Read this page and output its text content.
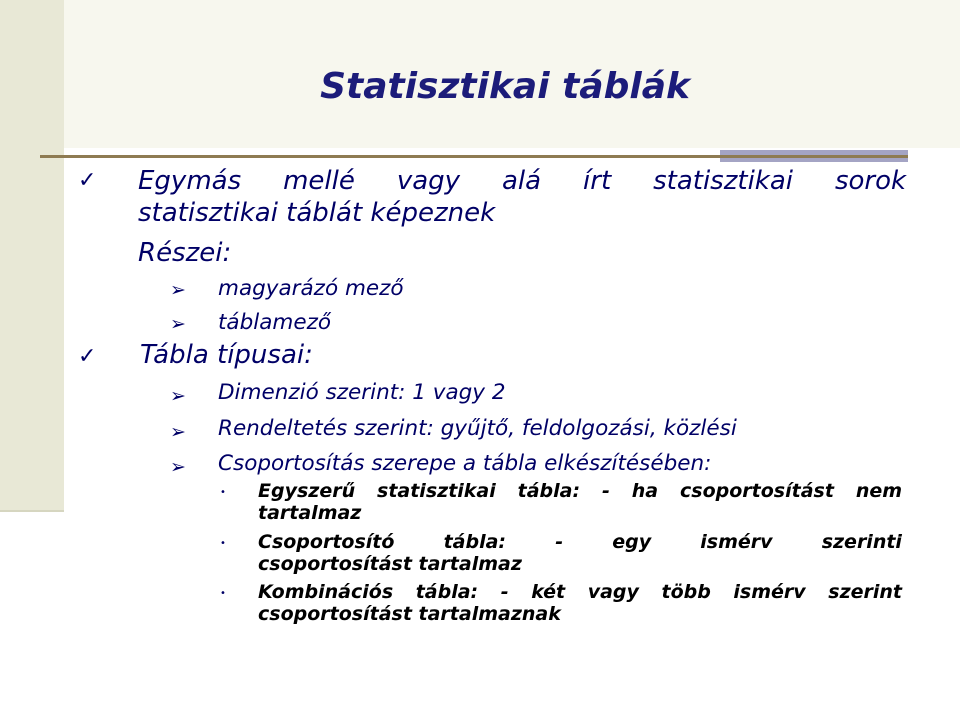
Statisztikai táblák
✓ Egymás mellé vagy alá írt statisztikai sorok
statisztikai táblát képeznek
Részei:
➢ magyarázó mező
➢ táblamező
✓ Tábla típusai:
➢ Dimenzió szerint: 1 vagy 2
➢ Rendeltetés szerint: gyűjtő, feldolgozási, közlési
➢ Csoportosítás szerepe a tábla elkészítésében:
• Egyszerű statisztikai tábla: - ha csoportosítást nem
tartalmaz
• Csoportosító	tábla:	-	egy	ismérv	szerinti
csoportosítást tartalmaz
• Kombinációs tábla: - két vagy több ismérv szerint
csoportosítást tartalmaznak
